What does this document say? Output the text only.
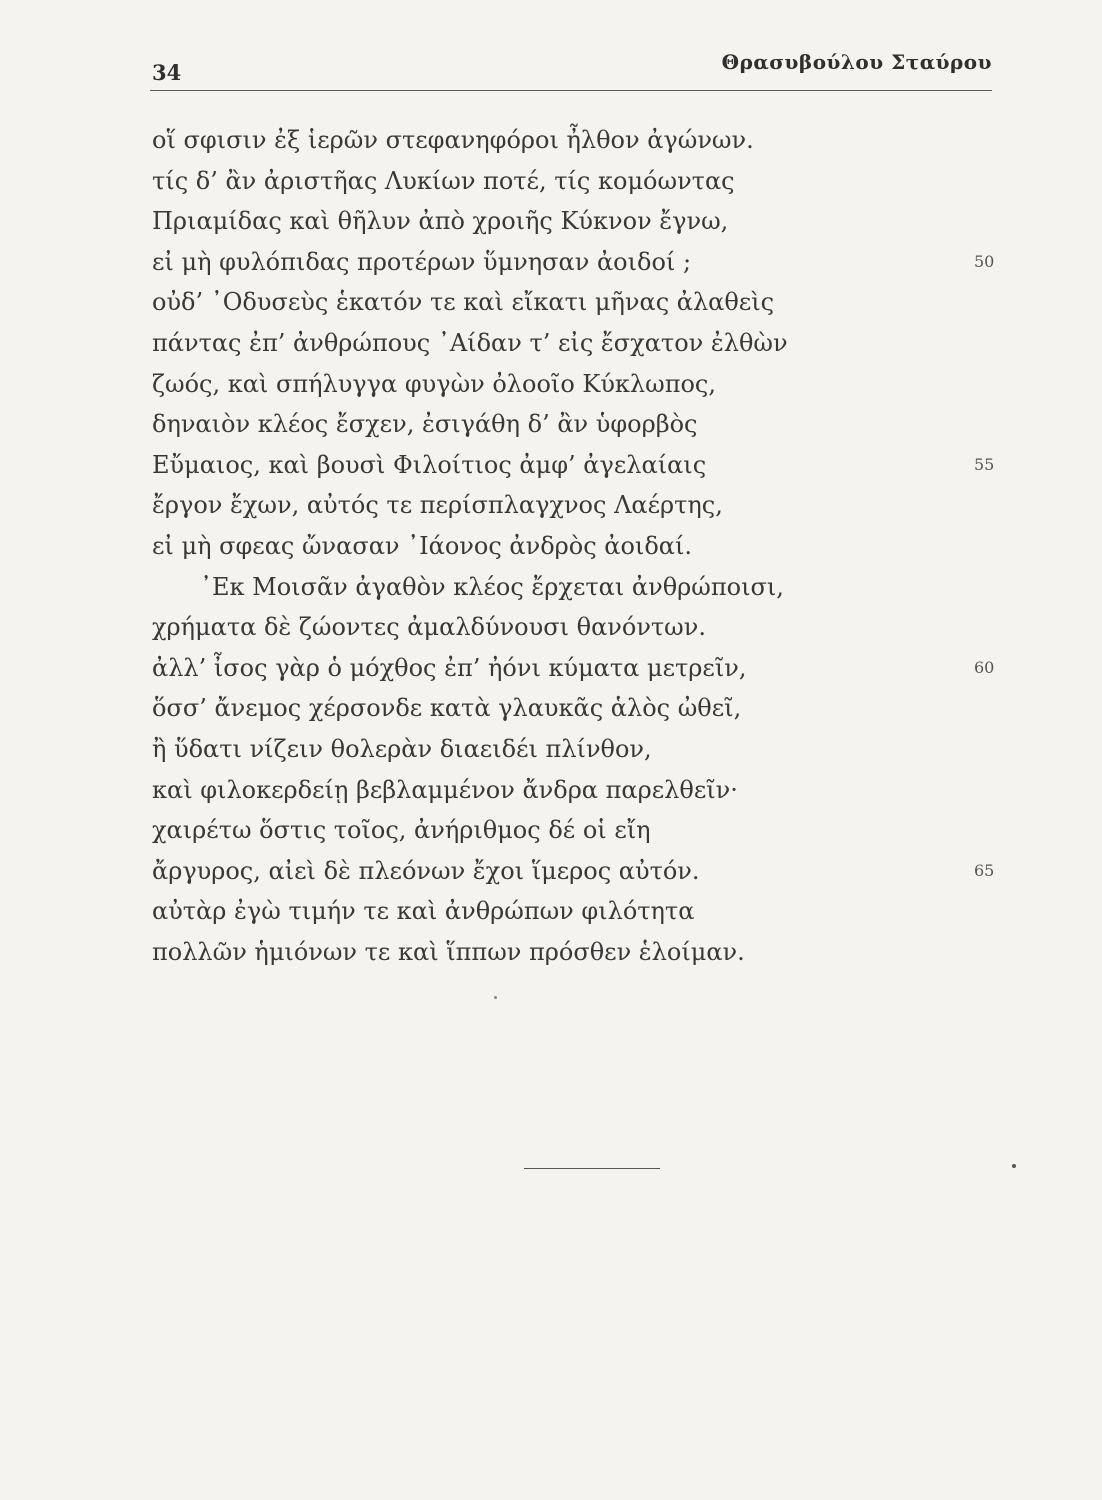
34	Θρασυβούλου Σταύρου
οἵ σφισιν ἐξ ἱερῶν στεφανηφόροι ἦλθον ἀγώνων.
τίς δ’ ἂν ἀριστῆας Λυκίων ποτέ, τίς κομόωντας
Πριαμίδας καὶ θῆλυν ἀπὸ χροιῆς Κύκνον ἔγνω,
εἰ μὴ φυλόπιδας προτέρων ὕμνησαν ἀοιδοί ;	50
οὐδ’ ᾿Οδυσεὺς ἑκατόν τε καὶ εἴκατι μῆνας ἀλαθεὶς
πάντας ἐπ’ ἀνθρώπους ᾿Αίδαν τ’ εἰς ἔσχατον ἐλθὼν
ζωός, καὶ σπήλυγγα φυγὼν ὀλοοῖο Κύκλωπος,
δηναιὸν κλέος ἔσχεν, ἐσιγάθη δ’ ἂν ὑφορβὸς
Εὔμαιος, καὶ βουσὶ Φιλοίτιος ἀμφ’ ἀγελαίαις	55
ἔργον ἔχων, αὐτός τε περίσπλαγχνος Λαέρτης,
εἰ μὴ σφεας ὤνασαν ᾿Ιάονος ἀνδρὸς ἀοιδαί.
᾿Εκ Μοισᾶν ἀγαθὸν κλέος ἔρχεται ἀνθρώποισι,
χρήματα δὲ ζώοντες ἀμαλδύνουσι θανόντων.
ἀλλ’ ἶσος γὰρ ὁ μόχθος ἐπ’ ἠόνι κύματα μετρεῖν,	60
ὅσσ’ ἄνεμος χέρσονδε κατὰ γλαυκᾶς ἁλὸς ὠθεῖ,
ἢ ὕδατι νίζειν θολερὰν διαειδέι πλίνθον,
καὶ φιλοκερδείῃ βεβλαμμένον ἄνδρα παρελθεῖν·
χαιρέτω ὅστις τοῖος, ἀνήριθμος δέ οἱ εἴη
ἄργυρος, αἰεὶ δὲ πλεόνων ἔχοι ἵμερος αὐτόν.	65
αὐτὰρ ἐγὼ τιμήν τε καὶ ἀνθρώπων φιλότητα
πολλῶν ἡμιόνων τε καὶ ἵππων πρόσθεν ἑλοίμαν.
